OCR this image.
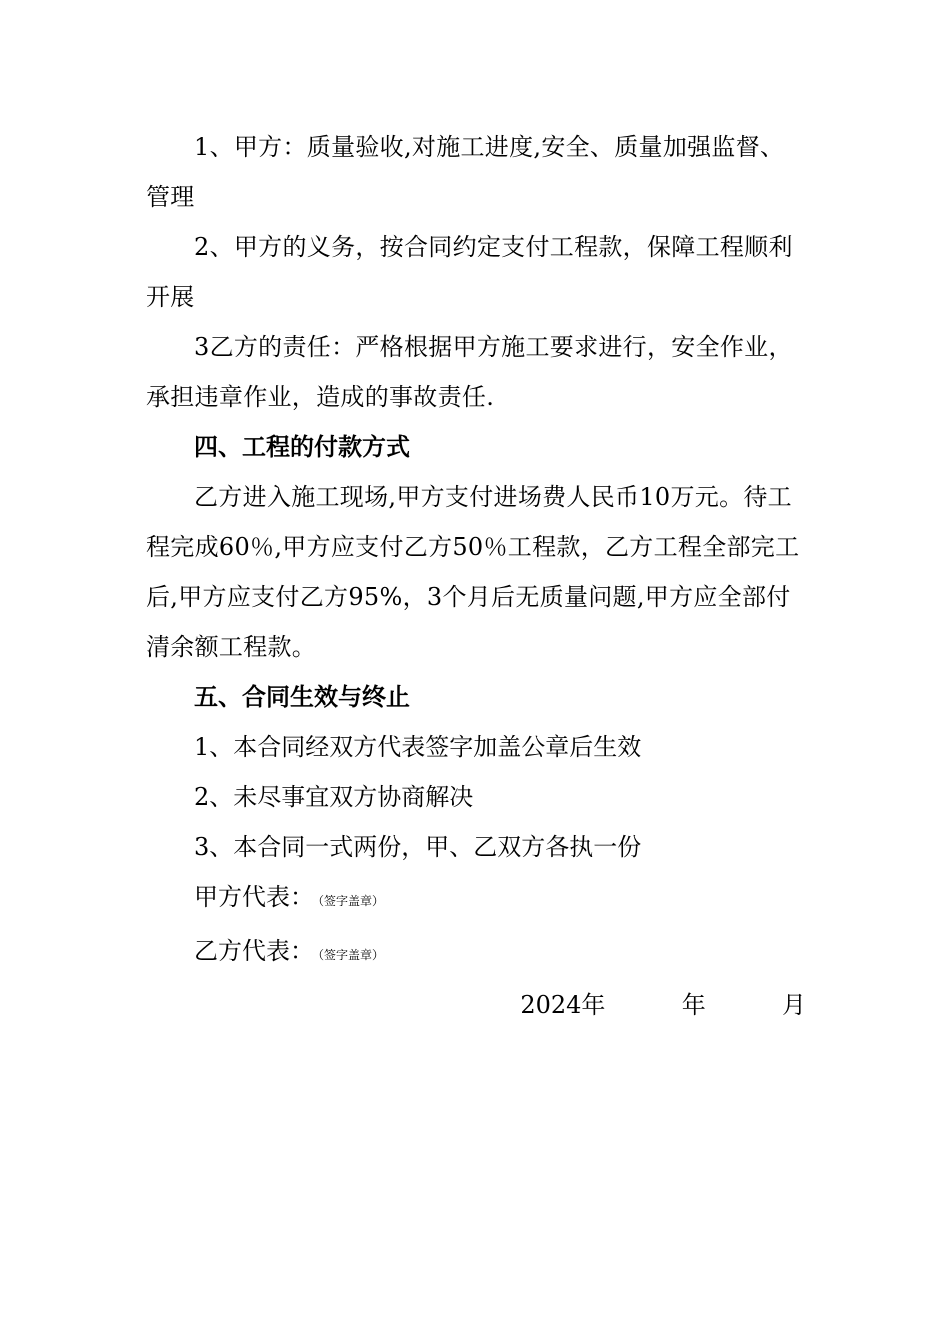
1、甲方：质量验收,对施工进度,安全、质量加强监督、管理

2、甲方的义务，按合同约定支付工程款，保障工程顺利开展

3乙方的责任：严格根据甲方施工要求进行，安全作业，承担违章作业，造成的事故责任.

四、工程的付款方式

乙方进入施工现场,甲方支付进场费人民币10万元。待工程完成60％,甲方应支付乙方50％工程款，乙方工程全部完工后,甲方应支付乙方95%，3个月后无质量问题,甲方应全部付清余额工程款。

五、合同生效与终止

1、本合同经双方代表签字加盖公章后生效

2、未尽事宜双方协商解决

3、本合同一式两份，甲、乙双方各执一份

甲方代表： （签字盖章）

乙方代表： （签字盖章）

2024年	年	月
